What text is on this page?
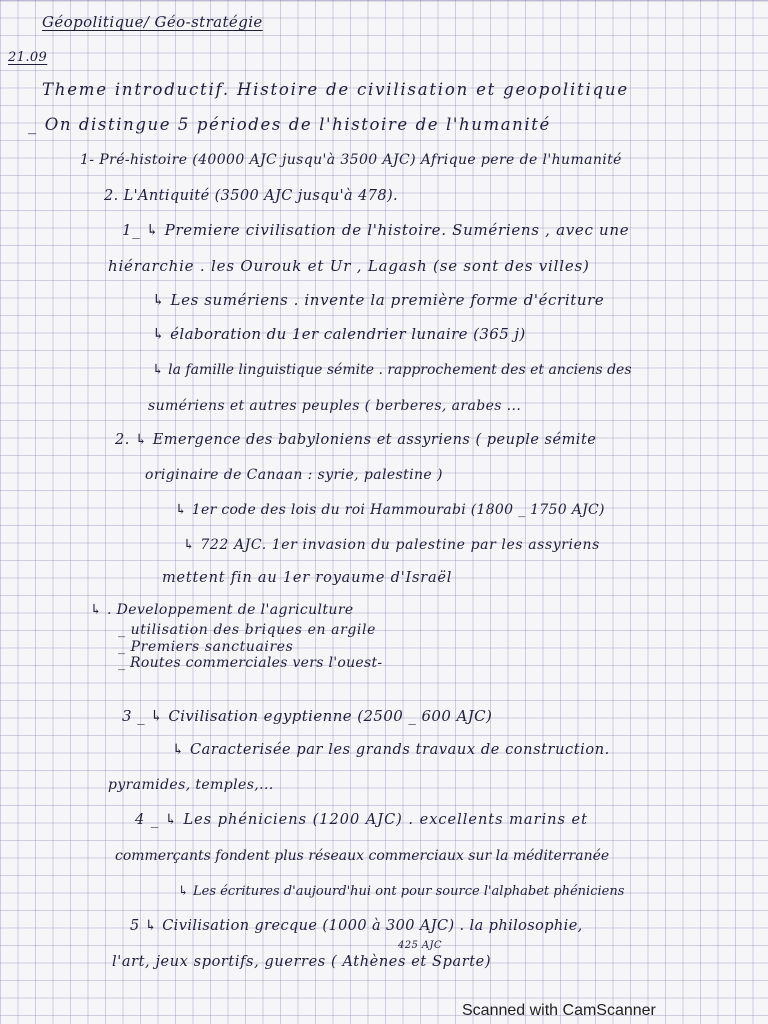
Géopolitique/ Géo-stratégie
21.09
Theme introductif. Histoire de civilisation et geopolitique
_ On distingue 5 périodes de l'histoire de l'humanité
1- Pré-histoire (40000 AJC jusqu'à 3500 AJC) Afrique pere de l'humanité
2. L'Antiquité (3500 AJC jusqu'à 478).
1_ ↳ Premiere civilisation de l'histoire. Sumériens , avec une
hiérarchie . les Ourouk et Ur , Lagash (se sont des villes)
↳ Les sumériens . invente la première forme d'écriture
↳ élaboration du 1er calendrier lunaire (365 j)
↳ la famille linguistique sémite . rapprochement des et anciens des
sumériens et autres peuples ( berberes, arabes ...
2. ↳ Emergence des babyloniens et assyriens ( peuple sémite
originaire de Canaan : syrie, palestine )
↳ 1er code des lois du roi Hammourabi (1800 _ 1750 AJC)
↳ 722 AJC. 1er invasion du palestine par les assyriens
mettent fin au 1er royaume d'Israël
↳ . Developpement de l'agriculture
_ utilisation des briques en argile
_ Premiers sanctuaires
_ Routes commerciales vers l'ouest-
3 _ ↳ Civilisation egyptienne (2500 _ 600 AJC)
↳ Caracterisée par les grands travaux de construction.
pyramides, temples,...
4 _ ↳ Les phéniciens (1200 AJC) . excellents marins et
commerçants fondent plus réseaux commerciaux sur la méditerranée
↳ Les écritures d'aujourd'hui ont pour source l'alphabet phéniciens
5 ↳ Civilisation grecque (1000 à 300 AJC) . la philosophie,
425 AJC
l'art, jeux sportifs, guerres ( Athènes et Sparte)
Scanned with CamScanner
